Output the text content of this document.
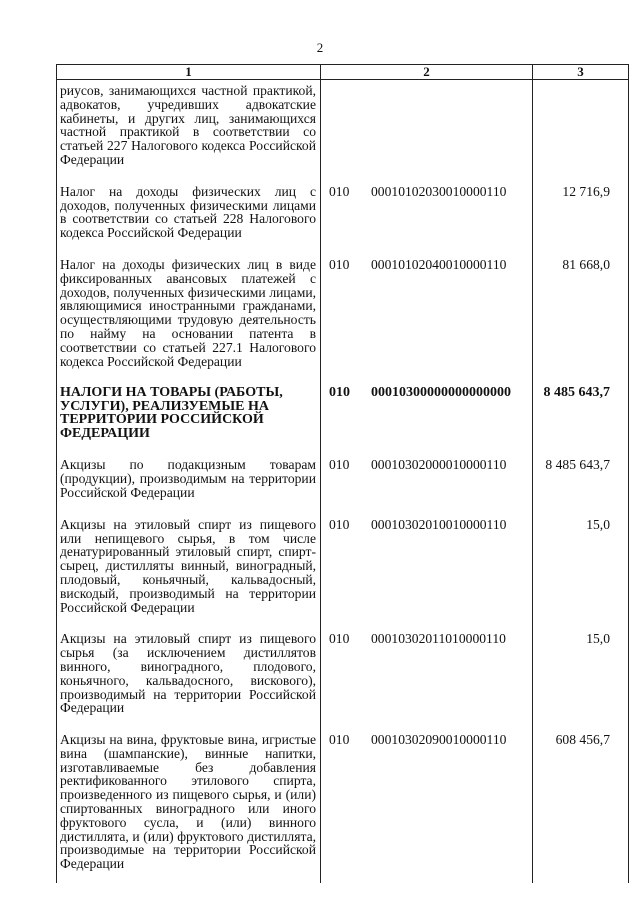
2
1	2	3
риусов, занимающихся частной практикой, адвокатов, учредивших адвокатские кабинеты, и других лиц, занимающихся частной практикой в соответствии со статьей 227 Налогового кодекса Российской Федерации		

Налог на доходы физических лиц с доходов, полученных физическими лицами в соответствии со статьей 228 Налогового кодекса Российской Федерации	010 00010102030010000110	12 716,9

Налог на доходы физических лиц в виде фиксированных авансовых платежей с доходов, полученных физическими лицами, являющимися иностранными гражданами, осуществляющими трудовую деятельность по найму на основании патента в соответствии со статьей 227.1 Налогового кодекса Российской Федерации	010 00010102040010000110	81 668,0

НАЛОГИ НА ТОВАРЫ (РАБОТЫ, УСЛУГИ), РЕАЛИЗУЕМЫЕ НА ТЕРРИТОРИИ РОССИЙСКОЙ ФЕДЕРАЦИИ	010 00010300000000000000	8 485 643,7

Акцизы по подакцизным товарам (продукции), производимым на территории Российской Федерации	010 00010302000010000110	8 485 643,7

Акцизы на этиловый спирт из пищевого или непищевого сырья, в том числе денатурированный этиловый спирт, спирт-сырец, дистилляты винный, виноградный, плодовый, коньячный, кальвадосный, вискодый, производимый на территории Российской Федерации	010 00010302010010000110	15,0

Акцизы на этиловый спирт из пищевого сырья (за исключением дистиллятов винного, виноградного, плодового, коньячного, кальвадосного, вискового), производимый на территории Российской Федерации	010 00010302011010000110	15,0

Акцизы на вина, фруктовые вина, игристые вина (шампанские), винные напитки, изготавливаемые без добавления ректификованного этилового спирта, произведенного из пищевого сырья, и (или) спиртованных виноградного или иного фруктового сусла, и (или) винного дистиллята, и (или) фруктового дистиллята, производимые на территории Российской Федерации	010 00010302090010000110	608 456,7
